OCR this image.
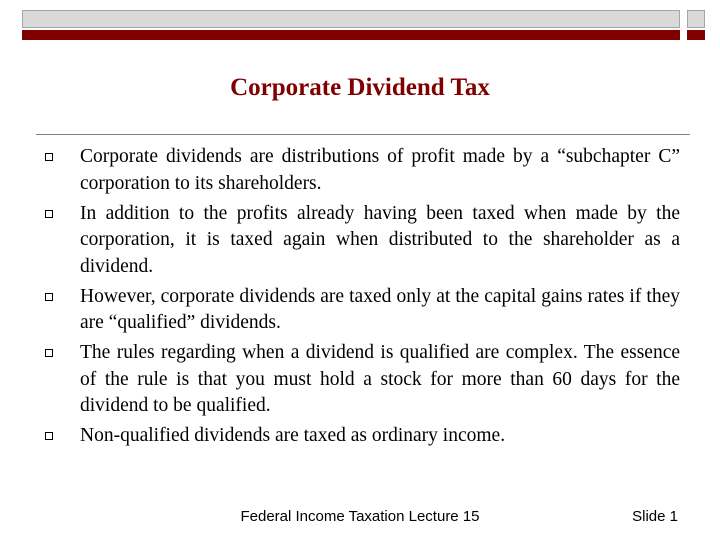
Corporate Dividend Tax
Corporate dividends are distributions of profit made by a “subchapter C” corporation to its shareholders.
In addition to the profits already having been taxed when made by the corporation, it is taxed again when distributed to the shareholder as a dividend.
However, corporate dividends are taxed only at the capital gains rates if they are “qualified” dividends.
The rules regarding when a dividend is qualified are complex. The essence of the rule is that you must hold a stock for more than 60 days for the dividend to be qualified.
Non-qualified dividends are taxed as ordinary income.
Federal Income Taxation Lecture 15	Slide 1
